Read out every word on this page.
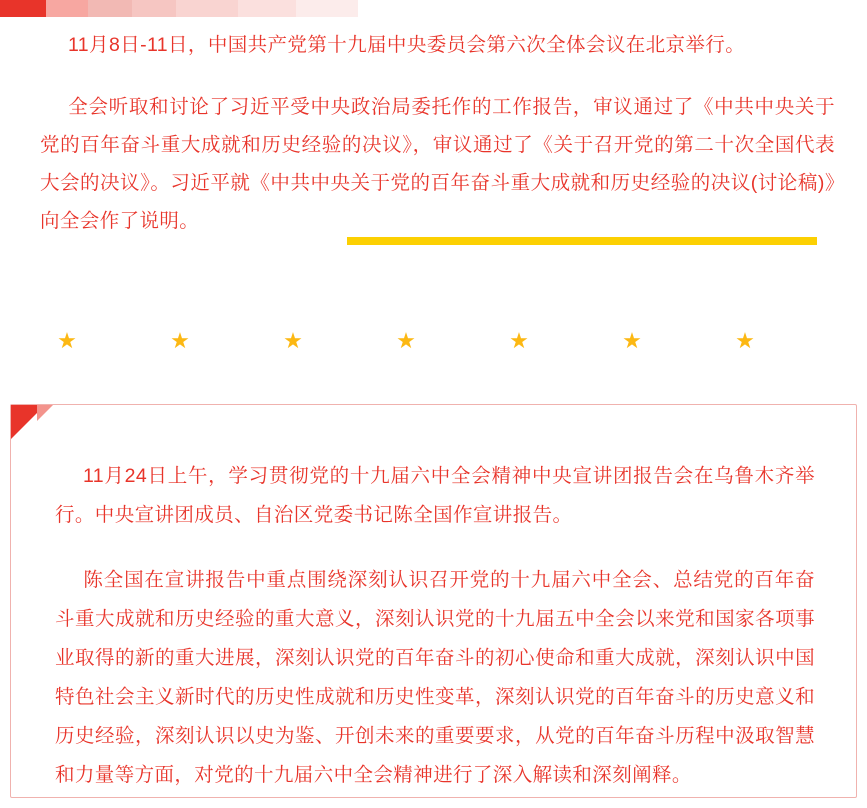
11月8日-11日，中国共产党第十九届中央委员会第六次全体会议在北京举行。

全会听取和讨论了习近平受中央政治局委托作的工作报告，审议通过了《中共中央关于党的百年奋斗重大成就和历史经验的决议》，审议通过了《关于召开党的第二十次全国代表大会的决议》。习近平就《中共中央关于党的百年奋斗重大成就和历史经验的决议(讨论稿)》向全会作了说明。

★	★	★	★	★	★	★

11月24日上午，学习贯彻党的十九届六中全会精神中央宣讲团报告会在乌鲁木齐举行。中央宣讲团成员、自治区党委书记陈全国作宣讲报告。

陈全国在宣讲报告中重点围绕深刻认识召开党的十九届六中全会、总结党的百年奋斗重大成就和历史经验的重大意义，深刻认识党的十九届五中全会以来党和国家各项事业取得的新的重大进展，深刻认识党的百年奋斗的初心使命和重大成就，深刻认识中国特色社会主义新时代的历史性成就和历史性变革，深刻认识党的百年奋斗的历史意义和历史经验，深刻认识以史为鉴、开创未来的重要要求，从党的百年奋斗历程中汲取智慧和力量等方面，对党的十九届六中全会精神进行了深入解读和深刻阐释。
